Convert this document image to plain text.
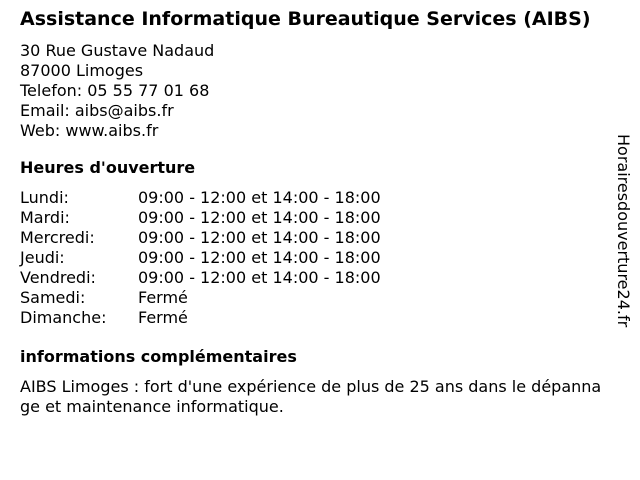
Assistance Informatique Bureautique Services (AIBS)
30 Rue Gustave Nadaud
87000 Limoges
Telefon: 05 55 77 01 68
Email: aibs@aibs.fr
Web: www.aibs.fr
Heures d'ouverture
Lundi:	09:00 - 12:00 et 14:00 - 18:00
Mardi:	09:00 - 12:00 et 14:00 - 18:00
Mercredi:	09:00 - 12:00 et 14:00 - 18:00
Jeudi:	09:00 - 12:00 et 14:00 - 18:00
Vendredi:	09:00 - 12:00 et 14:00 - 18:00
Samedi:	Fermé
Dimanche:	Fermé
informations complémentaires
AIBS Limoges : fort d'une expérience de plus de 25 ans dans le dépannage et maintenance informatique.
Horairesdouverture24.fr
